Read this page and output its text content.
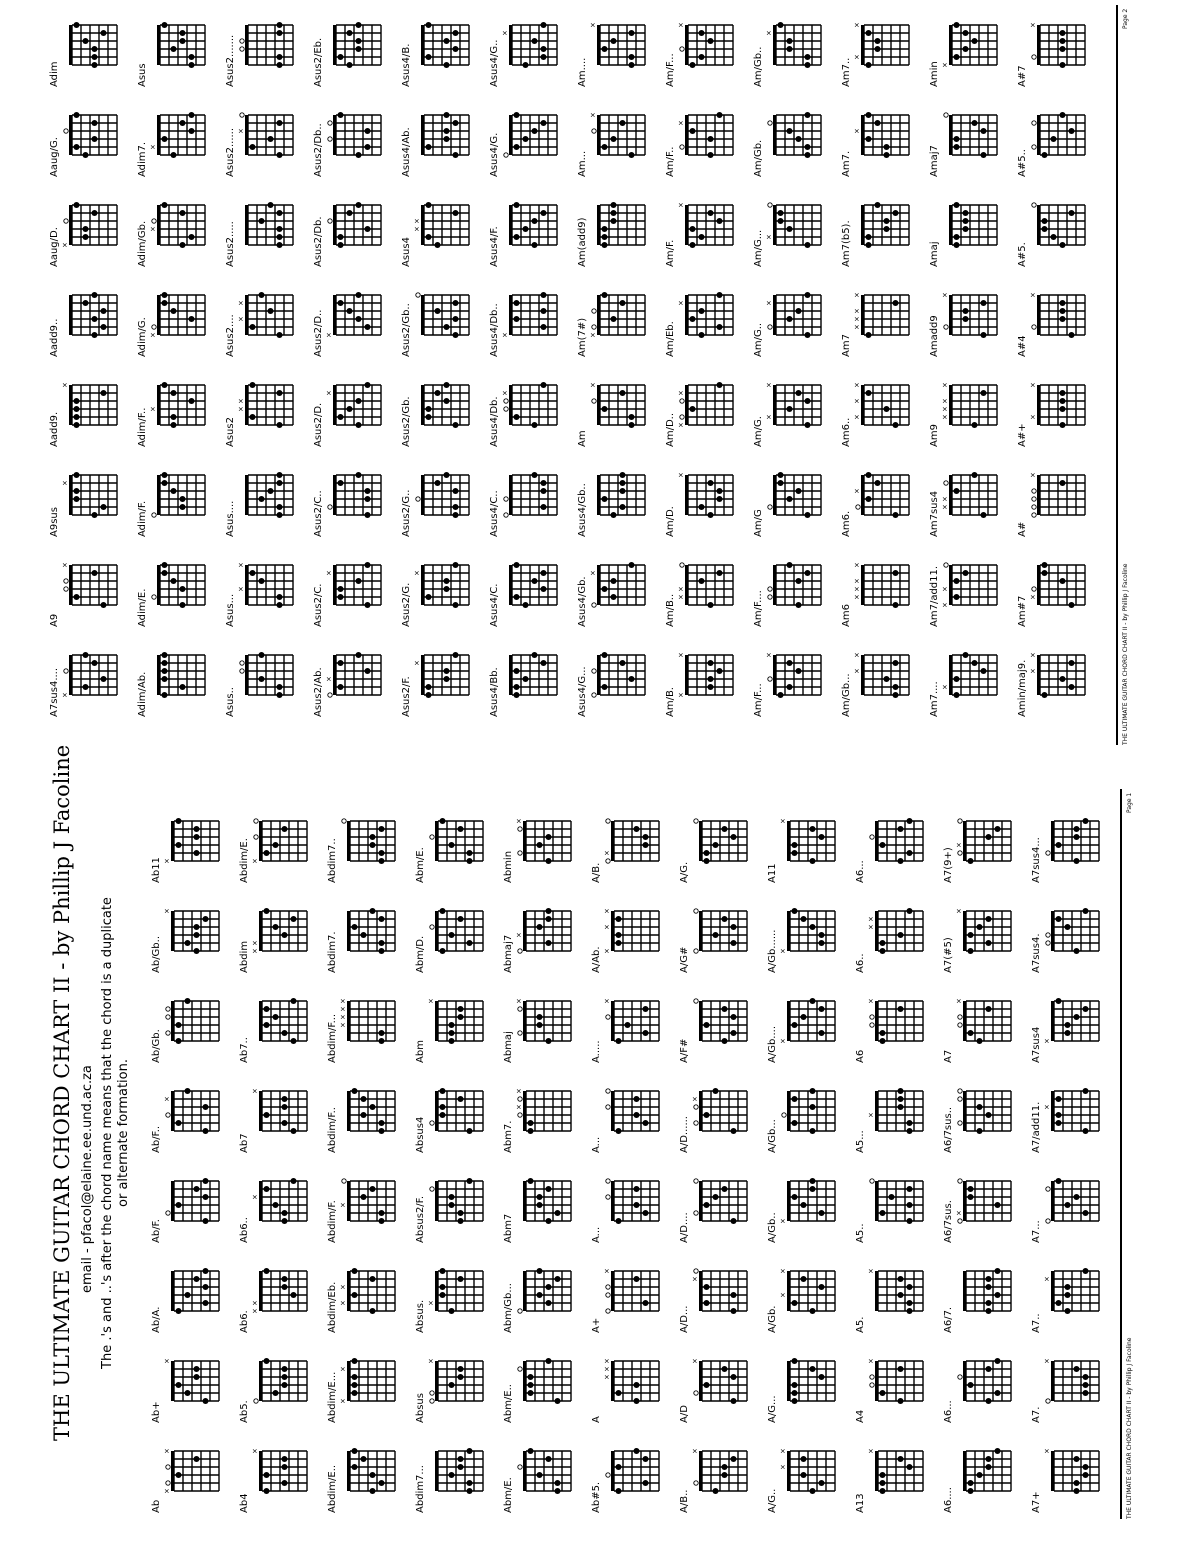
THE ULTIMATE GUITAR CHORD CHART II - by Phillip J Facoline email - pfacol@elaine.ee.und.ac.za The .'s and ..'s after the chord name means that the chord is a duplicate or alternate formation.
Ab
×
×
Ab+
×
Ab/A.
Ab/F.
Ab/F..
×
Ab/Gb.
Ab/Gb..
×
Ab11 ×
Ab4
×
Ab5.
Ab6. ×
×
Ab6..
×
Ab7
×
Ab7..
Abdim ×
×
Abdim/E. ×
Abdim/E..
Abdim/E... ×
×
Abdim/Eb. ×
×
Abdim/F. ×
Abdim/F..
Abdim/F... ×
×
×
×
Abdim7.
Abdim7..
Abdim7...
Absus
×
Absus. ×
Absus2/F.
Absus4
Abm
×
Abm/D.
Abm/E.
Abm/E.
Abm/E..
Abm/Gb...
Abm7
Abm7.
×
×
Abmaj
×
Abmaj7 ×
Abmin
×
Ab#5.
A
×
×
×
A+
×
A...
A...
A.....
×
A/Ab. ×
×
×
A/B.
×
A/B..
×
A/D
×
A/D...
×
A/D....
A/D......
×
A/F#
A/G#
A/G.
A/G..
×
×
A/G...
A/Gb.
×
×
A/Gb.. ×
A/Gb...
A/Gb.... ×
A/Gb...... ×
A11
×
A13
×
A4
×
A5.
×
A5..
A5...
×
A6
×
A6..
×
×
A6...
A6....
A6...
A6/7.
A6/7sus. ×
A6/7sus..
A7
×
A7(#5)
×
A7(9+)
×
A7+
×
A7.
×
A7..
×
A7...
A7/add11. ×
A7sus4 ×
A7sus4.
A7sus4...
THE ULTIMATE GUITAR CHORD CHART II - by Phillip J Facoline
Page 1
A7sus4.... ×
A9
×
A9sus
×
Aadd9.
×
Aadd9..
Aaug/D. ×
Aaug/G.
Adim
Adim/Ab.
Adim/E.
Adim/F.
Adim/F.. ×
Adim/G. ×
Adim/Gb. ×
Adim7. ×
Asus
Asus..
Asus...
×
×
Asus....
Asus2
×
×
Asus2.... ×
×
Asus2.....
Asus2...... ×
Asus2.......
Asus2/Ab. ×
Asus2/C.
×
Asus2/C..
Asus2/D.
×
Asus2/D.. ×
Asus2/Db.
Asus2/Db..
Asus2/Eb.
Asus2/F.
×
Asus2/G.
×
Asus2/G..
Asus2/Gb.
Asus2/Gb..
Asus4
×
×
Asus4/Ab.
Asus4/B.
Asus4/Bb.
Asus4/C.
Asus4/C..
Asus4/Db.
×
Asus4/Db.. ×
Asus4/F.
Asus4/G.
Asus4/G..
×
Asus4/G...
Asus4/Gb.
×
Asus4/Gb..
Am
×
Am(7#) ×
Am(add9)
Am...
×
Am....
×
Am/B. ×
×
Am/B.. ×
×
Am/D.
×
Am/D.. ×
×
Am/Eb.
×
Am/F.
×
Am/F..
×
Am/F...
×
Am/F...
×
Am/F....
Am/G
Am/G. ×
×
Am/G..
×
Am/G... ×
Am/Gb.
Am/Gb..
×
Am/Gb...
×
×
Am6
×
×
×
×
Am6.
×
Am6..
×
×
×
Am7
×
×
×
×
Am7(b5).
Am7.
×
Am7..
×
×
Am7.... ×
Am7/add11. ×
×
Am7sus4 ×
×
Am9
×
×
×
×
Amadd9
×
Amaj
Amaj7
Amin ×
Amin/maj9. ×
×
Am#7 ×
A#
×
A#+
×
×
A#4
×
A#5.
A#5..
A#7
×
THE ULTIMATE GUITAR CHORD CHART II - by Phillip J Facoline
Page 2
